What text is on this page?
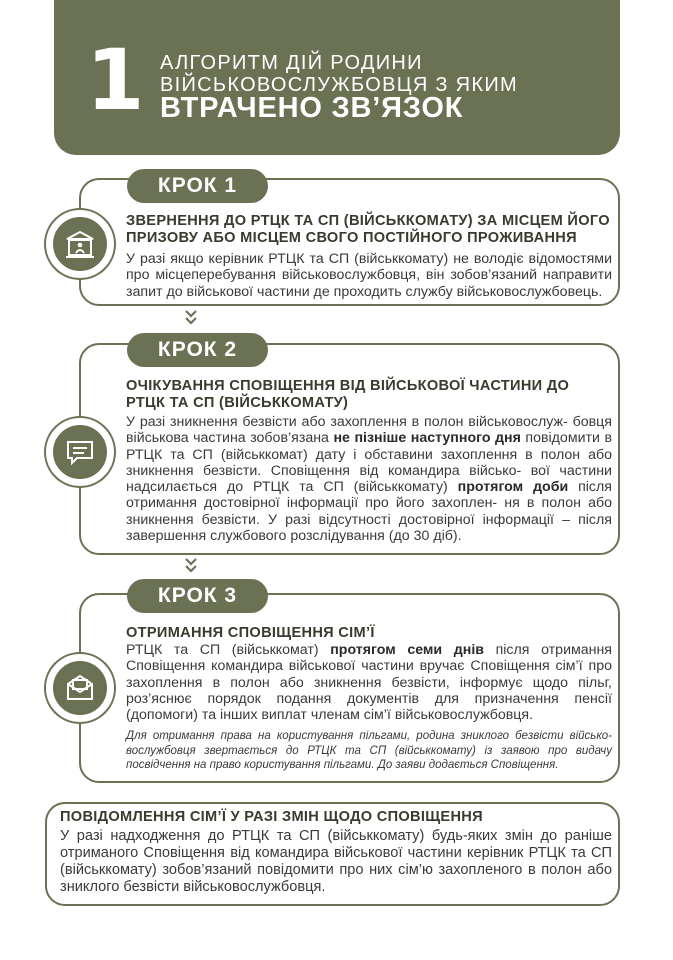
1 АЛГОРИТМ ДІЙ РОДИНИ
ВІЙСЬКОВОСЛУЖБОВЦЯ З ЯКИМ
ВТРАЧЕНО ЗВ’ЯЗОК
КРОК 1
ЗВЕРНЕННЯ ДО РТЦК ТА СП (ВІЙСЬККОМАТУ) ЗА МІСЦЕМ ЙОГО ПРИЗОВУ АБО МІСЦЕМ СВОГО ПОСТІЙНОГО ПРОЖИВАННЯ
У разі якщо керівник РТЦК та СП (військкомату) не володіє відомостями про місцеперебування військовослужбовця, він зобов’язаний направити запит до військової частини де проходить службу військовослужбовець.
КРОК 2
ОЧІКУВАННЯ СПОВІЩЕННЯ ВІД ВІЙСЬКОВОЇ ЧАСТИНИ ДО РТЦК ТА СП (ВІЙСЬККОМАТУ)
У разі зникнення безвісти або захоплення в полон військовослуж- бовця військова частина зобов’язана не пізніше наступного дня повідомити в РТЦК та СП (військкомат) дату і обставини захоплення в полон або зникнення безвісти. Сповіщення від командира військо- вої частини надсилається до РТЦК та СП (військкомату) протягом доби після отримання достовірної інформації про його захоплен- ня в полон або зникнення безвісти. У разі відсутності достовірної інформації – після завершення службового розслідування (до 30 діб).
КРОК 3
ОТРИМАННЯ СПОВІЩЕННЯ СІМ’Ї
РТЦК та СП (військкомат) протягом семи днів після отримання Сповіщення командира військової частини вручає Сповіщення сім’ї про захоплення в полон або зникнення безвісти, інформує щодо пільг, роз’яснює порядок подання документів для призначення пенсії (допомоги) та інших виплат членам сім’ї військовослужбовця.
Для отримання права на користування пільгами, родина зниклого безвісти військо- вослужбовця звертається до РТЦК та СП (військкомату) із заявою про видачу посвідчення на право користування пільгами. До заяви додається Сповіщення.
ПОВІДОМЛЕННЯ СІМ’Ї У РАЗІ ЗМІН ЩОДО СПОВІЩЕННЯ
У разі надходження до РТЦК та СП (військкомату) будь-яких змін до раніше отриманого Сповіщення від командира військової частини керівник РТЦК та СП (військкомату) зобов’язаний повідомити про них сім’ю захопленого в полон або зниклого безвісти військовослужбовця.
